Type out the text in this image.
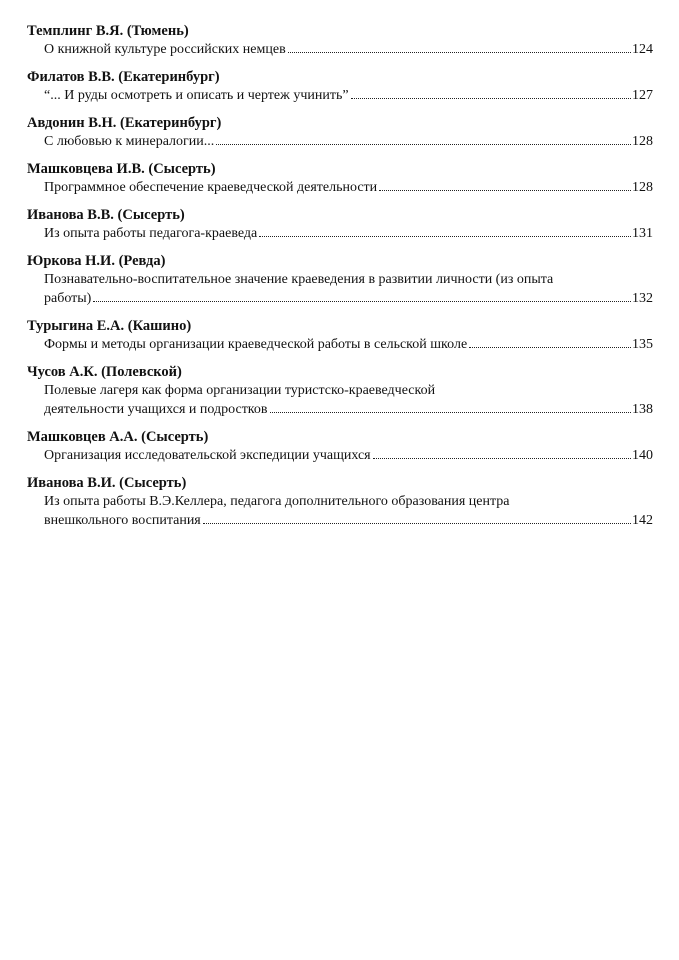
Темплинг В.Я. (Тюмень)
О книжной культуре российских немцев	124
Филатов В.В. (Екатеринбург)
“... И руды осмотреть и описать и чертеж учинить”	127
Авдонин В.Н. (Екатеринбург)
С любовью к минералогии...	128
Машковцева И.В. (Сысерть)
Программное обеспечение краеведческой деятельности	128
Иванова В.В. (Сысерть)
Из опыта работы педагога-краеведа	131
Юркова Н.И. (Ревда)
Познавательно-воспитательное значение краеведения в развитии личности (из опыта
работы)	132
Турыгина Е.А. (Кашино)
Формы и методы организации краеведческой работы в сельской школе	135
Чусов А.К. (Полевской)
Полевые лагеря как форма организации туристско-краеведческой
деятельности учащихся и подростков	138
Машковцев А.А. (Сысерть)
Организация исследовательской экспедиции учащихся	140
Иванова В.И. (Сысерть)
Из опыта работы В.Э.Келлера, педагога дополнительного образования центра
внешкольного воспитания	142
